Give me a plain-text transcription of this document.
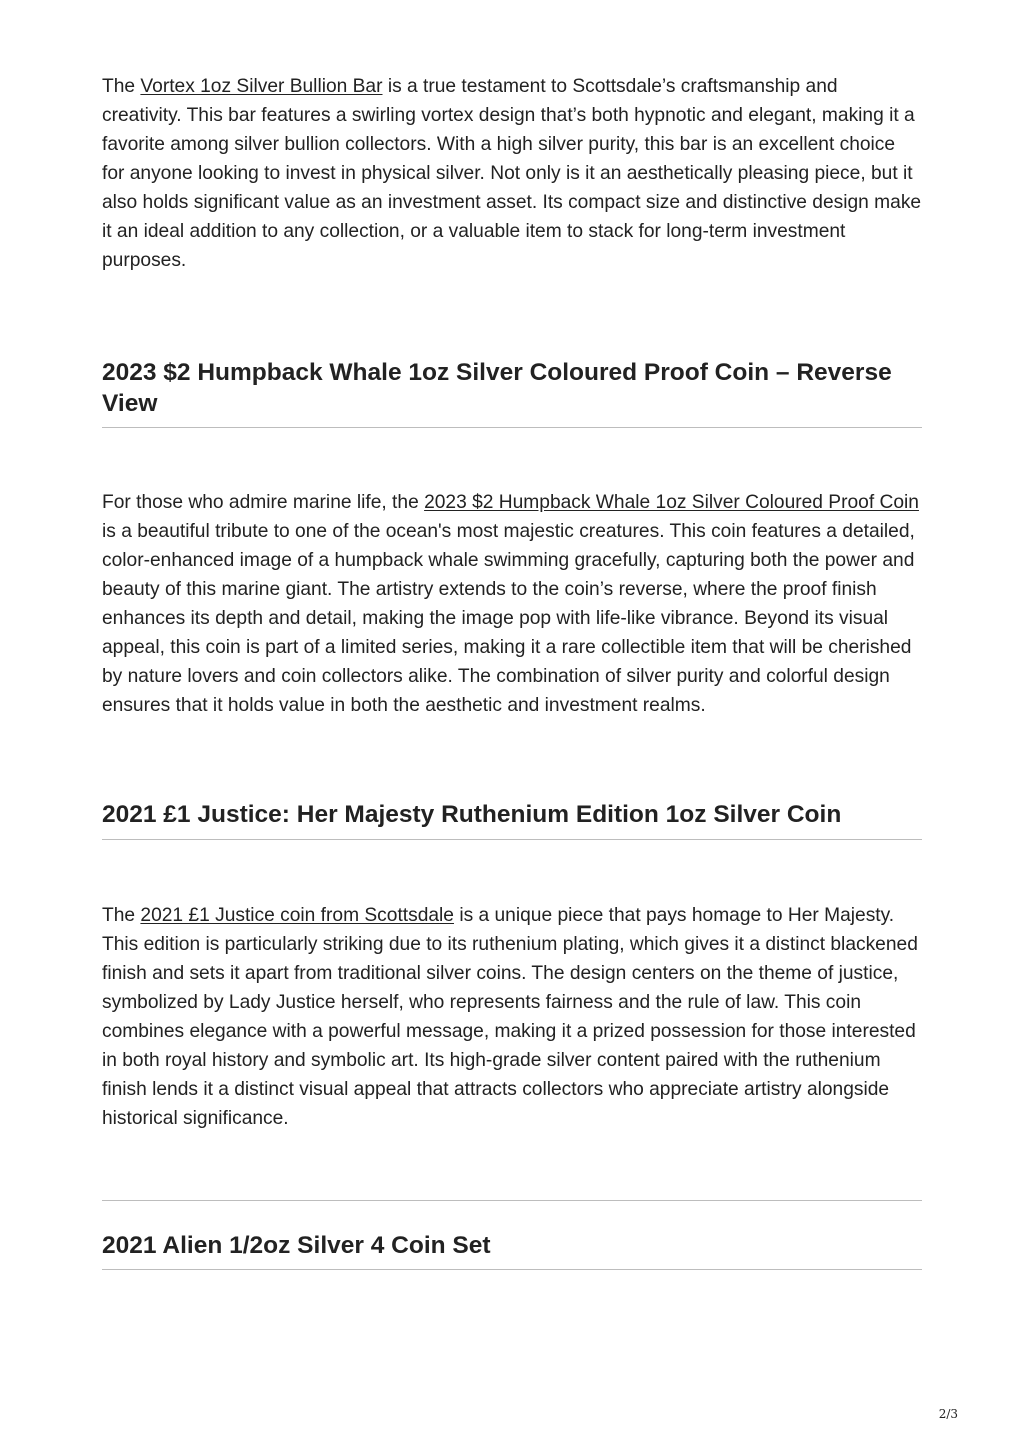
The Vortex 1oz Silver Bullion Bar is a true testament to Scottsdale’s craftsmanship and creativity. This bar features a swirling vortex design that’s both hypnotic and elegant, making it a favorite among silver bullion collectors. With a high silver purity, this bar is an excellent choice for anyone looking to invest in physical silver. Not only is it an aesthetically pleasing piece, but it also holds significant value as an investment asset. Its compact size and distinctive design make it an ideal addition to any collection, or a valuable item to stack for long-term investment purposes.

2023 $2 Humpback Whale 1oz Silver Coloured Proof Coin – Reverse View

For those who admire marine life, the 2023 $2 Humpback Whale 1oz Silver Coloured Proof Coin is a beautiful tribute to one of the ocean's most majestic creatures. This coin features a detailed, color-enhanced image of a humpback whale swimming gracefully, capturing both the power and beauty of this marine giant. The artistry extends to the coin’s reverse, where the proof finish enhances its depth and detail, making the image pop with life-like vibrance. Beyond its visual appeal, this coin is part of a limited series, making it a rare collectible item that will be cherished by nature lovers and coin collectors alike. The combination of silver purity and colorful design ensures that it holds value in both the aesthetic and investment realms.

2021 £1 Justice: Her Majesty Ruthenium Edition 1oz Silver Coin

The 2021 £1 Justice coin from Scottsdale is a unique piece that pays homage to Her Majesty. This edition is particularly striking due to its ruthenium plating, which gives it a distinct blackened finish and sets it apart from traditional silver coins. The design centers on the theme of justice, symbolized by Lady Justice herself, who represents fairness and the rule of law. This coin combines elegance with a powerful message, making it a prized possession for those interested in both royal history and symbolic art. Its high-grade silver content paired with the ruthenium finish lends it a distinct visual appeal that attracts collectors who appreciate artistry alongside historical significance.

2021 Alien 1/2oz Silver 4 Coin Set
2/3
